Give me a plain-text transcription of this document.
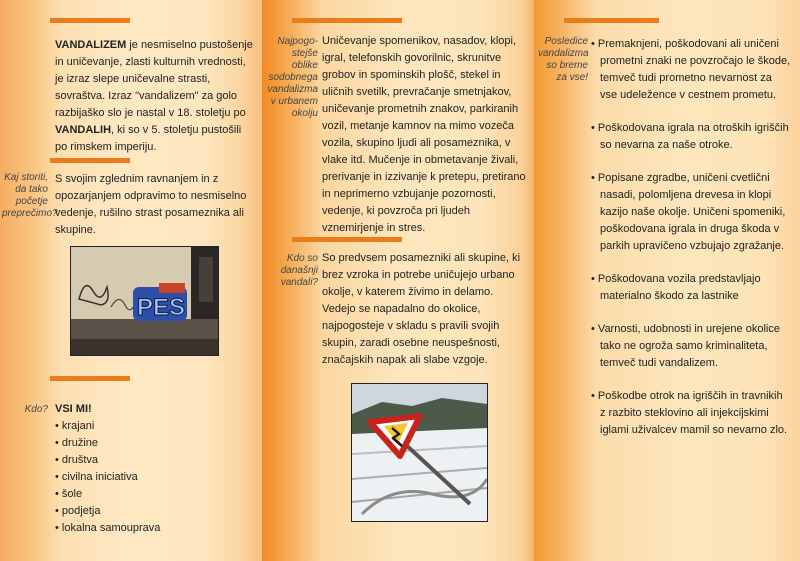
VANDALIZEM je nesmiselno pustošenje in uničevanje, zlasti kulturnih vrednosti, je izraz slepe uničevalne strasti, sovraštva. Izraz "vandalizem" za golo razbijaško slo je nastal v 18. stoletju po VANDALIH, ki so v 5. stoletju pustošili po rimskem imperiju.
Kaj storiti, da tako početje preprečimo?
S svojim zglednim ravnanjem in z opozarjanjem odpravimo to nesmiselno vedenje, rušilno strast posameznika ali skupine.
PES
Kdo? VSI MI!
• krajani
• družine
• društva
• civilna iniciativa
• šole
• podjetja
• lokalna samouprava
Najpogo-stejše oblike sodobnega vandalizma v urbanem okolju
Uničevanje spomenikov, nasadov, klopi, igral, telefonskih govorilnic, skrunitve grobov in spominskih plošč, stekel in uličnih svetilk, prevračanje smetnjakov, uničevanje prometnih znakov, parkiranih vozil, metanje kamnov na mimo vozeča vozila, skupino ljudi ali posameznika, v vlake itd. Mučenje in obmetavanje živali, prerivanje in izzivanje k pretepu, pretirano in neprimerno vzbujanje pozornosti, vedenje, ki povzroča pri ljudeh vznemirjenje in stres.
Kdo so današnji vandali?
So predvsem posamezniki ali skupine, ki brez vzroka in potrebe uničujejo urbano okolje, v katerem živimo in delamo. Vedejo se napadalno do okolice, najpogosteje v skladu s pravili svojih skupin, zaradi osebne neuspešnosti, značajskih napak ali slabe vzgoje.
Posledice vandalizma so breme za vse!
• Premaknjeni, poškodovani ali uničeni prometni znaki ne povzročajo le škode, temveč tudi prometno nevarnost za vse udeležence v cestnem prometu.
• Poškodovana igrala na otroških igriščih so nevarna za naše otroke.
• Popisane zgradbe, uničeni cvetlični nasadi, polomljena drevesa in klopi kazijo naše okolje. Uničeni spomeniki, poškodovana igrala in druga škoda v parkih upravičeno vzbujajo zgražanje.
• Poškodovana vozila predstavljajo materialno škodo za lastnike
• Varnosti, udobnosti in urejene okolice tako ne ogroža samo kriminaliteta, temveč tudi vandalizem.
• Poškodbe otrok na igriščih in travnikih z razbito steklovino ali injekcijskimi iglami uživalcev mamil so nevarno zlo.
